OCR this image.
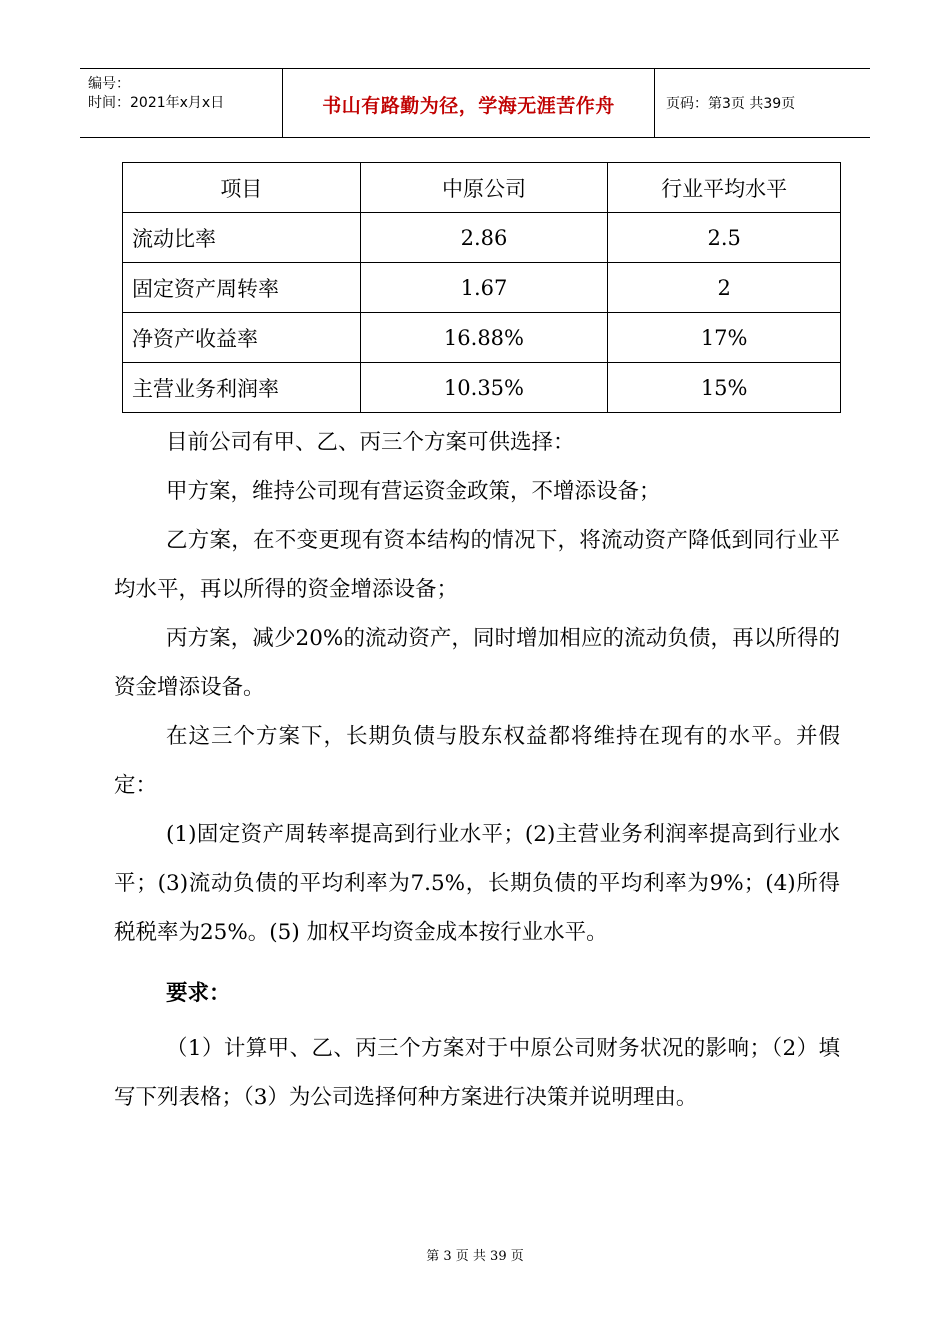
编号：
时间：2021年x月x日	书山有路勤为径，学海无涯苦作舟	页码：第3页 共39页
项目	中原公司	行业平均水平
流动比率	2.86	2.5
固定资产周转率	1.67	2
净资产收益率	16.88%	17%
主营业务利润率	10.35%	15%

目前公司有甲、乙、丙三个方案可供选择：

甲方案，维持公司现有营运资金政策，不增添设备；

乙方案，在不变更现有资本结构的情况下，将流动资产降低到同行业平均水平，再以所得的资金增添设备；

丙方案，减少20%的流动资产，同时增加相应的流动负债，再以所得的资金增添设备。

在这三个方案下，长期负债与股东权益都将维持在现有的水平。并假定：

(1)固定资产周转率提高到行业水平；(2)主营业务利润率提高到行业水平；(3)流动负债的平均利率为7.5%，长期负债的平均利率为9%；(4)所得税税率为25%。(5) 加权平均资金成本按行业水平。

要求：

（1）计算甲、乙、丙三个方案对于中原公司财务状况的影响；（2）填写下列表格；（3）为公司选择何种方案进行决策并说明理由。

第 3 页 共 39 页
